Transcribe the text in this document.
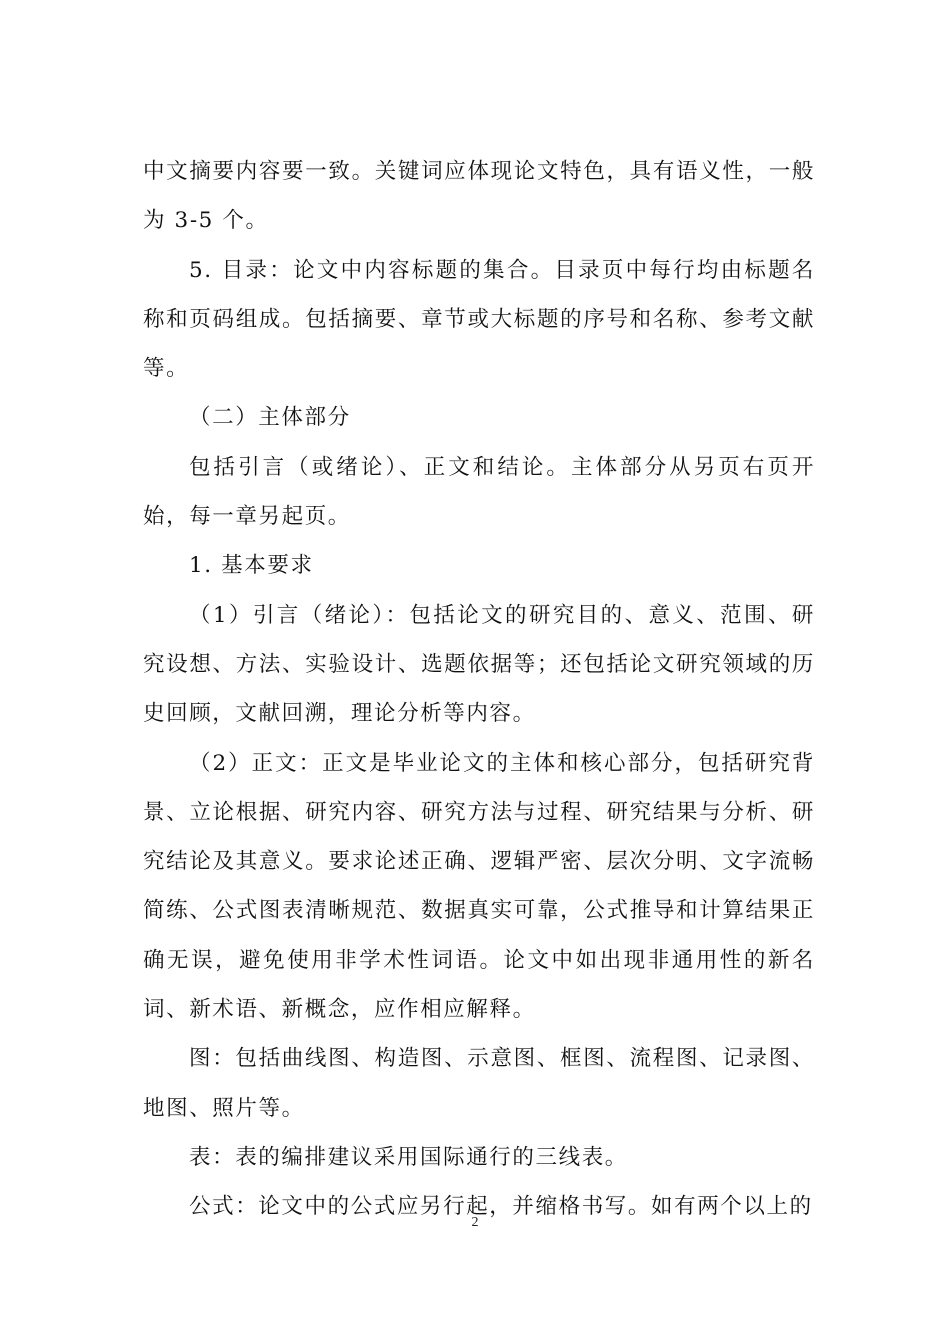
中文摘要内容要一致。关键词应体现论文特色，具有语义性，一般为 3-5 个。

5. 目录：论文中内容标题的集合。目录页中每行均由标题名称和页码组成。包括摘要、章节或大标题的序号和名称、参考文献等。

（二）主体部分

包括引言（或绪论）、正文和结论。主体部分从另页右页开始，每一章另起页。

1. 基本要求

（1）引言（绪论）：包括论文的研究目的、意义、范围、研究设想、方法、实验设计、选题依据等；还包括论文研究领域的历史回顾，文献回溯，理论分析等内容。

（2）正文：正文是毕业论文的主体和核心部分，包括研究背景、立论根据、研究内容、研究方法与过程、研究结果与分析、研究结论及其意义。要求论述正确、逻辑严密、层次分明、文字流畅简练、公式图表清晰规范、数据真实可靠，公式推导和计算结果正确无误，避免使用非学术性词语。论文中如出现非通用性的新名词、新术语、新概念，应作相应解释。

图：包括曲线图、构造图、示意图、框图、流程图、记录图、地图、照片等。

表：表的编排建议采用国际通行的三线表。

公式：论文中的公式应另行起，并缩格书写。如有两个以上的

2
